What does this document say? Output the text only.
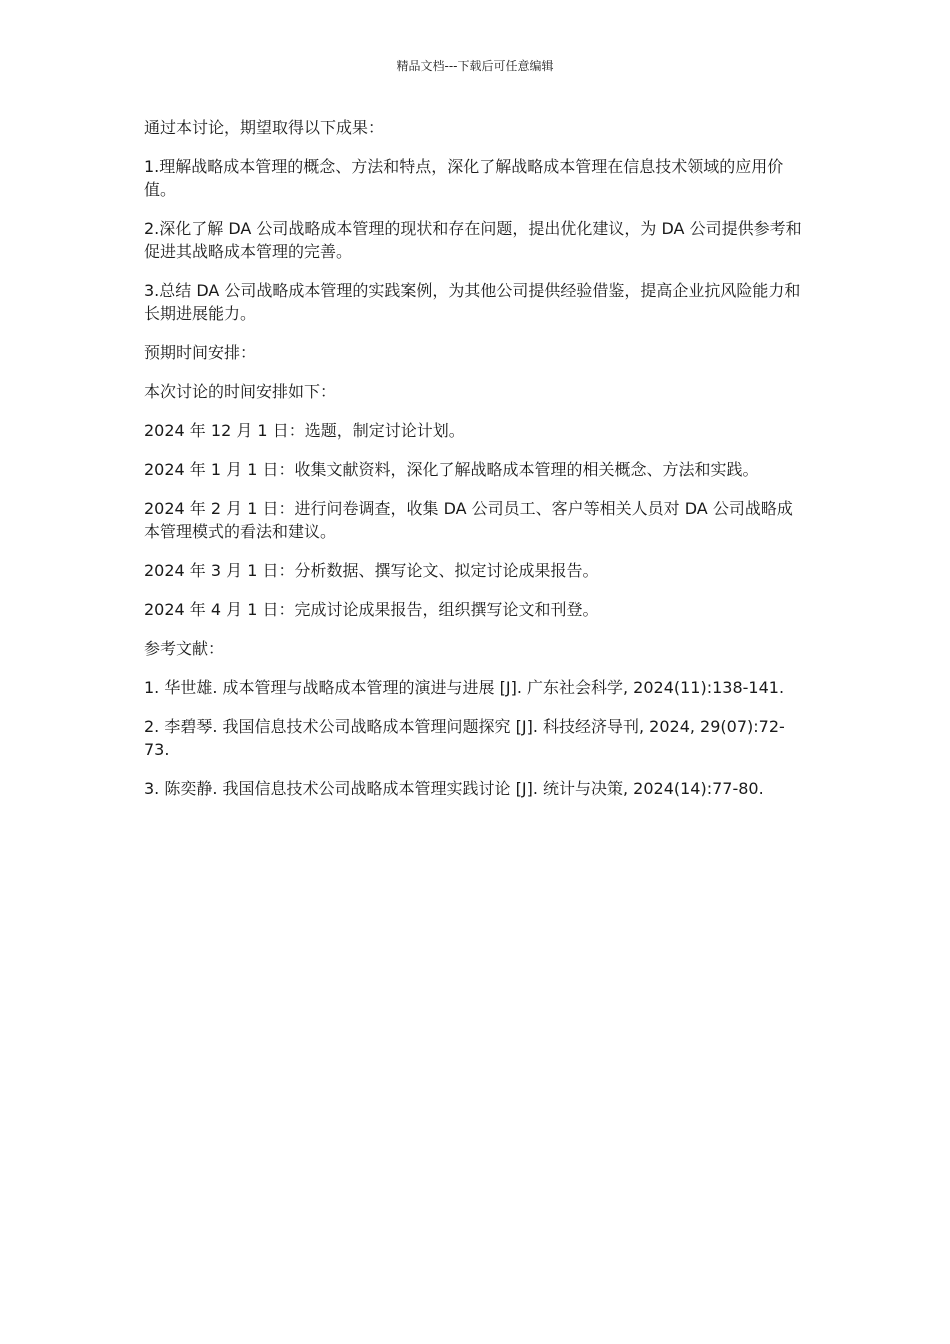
精品文档---下载后可任意编辑

通过本讨论，期望取得以下成果：

1.理解战略成本管理的概念、方法和特点，深化了解战略成本管理在信息技术领域的应用价值。

2.深化了解 DA 公司战略成本管理的现状和存在问题，提出优化建议，为 DA 公司提供参考和促进其战略成本管理的完善。

3.总结 DA 公司战略成本管理的实践案例，为其他公司提供经验借鉴，提高企业抗风险能力和长期进展能力。

预期时间安排：

本次讨论的时间安排如下：

2024 年 12 月 1 日：选题，制定讨论计划。

2024 年 1 月 1 日：收集文献资料，深化了解战略成本管理的相关概念、方法和实践。

2024 年 2 月 1 日：进行问卷调查，收集 DA 公司员工、客户等相关人员对 DA 公司战略成本管理模式的看法和建议。

2024 年 3 月 1 日：分析数据、撰写论文、拟定讨论成果报告。

2024 年 4 月 1 日：完成讨论成果报告，组织撰写论文和刊登。

参考文献：

1. 华世雄. 成本管理与战略成本管理的演进与进展 [J]. 广东社会科学, 2024(11):138-141.

2. 李碧琴. 我国信息技术公司战略成本管理问题探究 [J]. 科技经济导刊, 2024, 29(07):72-73.

3. 陈奕静. 我国信息技术公司战略成本管理实践讨论 [J]. 统计与决策, 2024(14):77-80.
